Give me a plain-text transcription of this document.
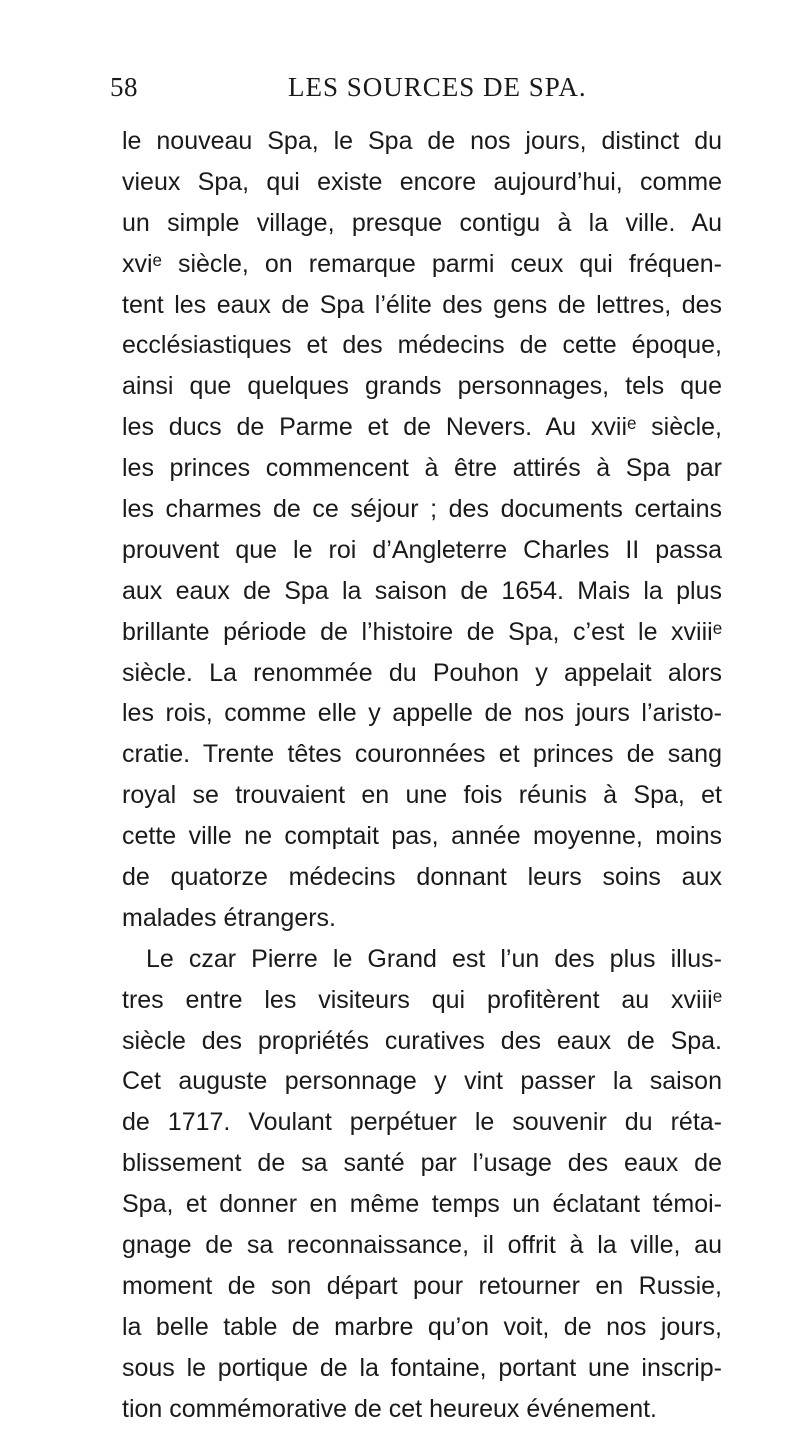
58	LES SOURCES DE SPA.
le nouveau Spa, le Spa de nos jours, distinct du
vieux Spa, qui existe encore aujourd’hui, comme
un simple village, presque contigu à la ville. Au
xviᵉ siècle, on remarque parmi ceux qui fréquen-
tent les eaux de Spa l’élite des gens de lettres, des
ecclésiastiques et des médecins de cette époque,
ainsi que quelques grands personnages, tels que
les ducs de Parme et de Nevers. Au xviiᵉ siècle,
les princes commencent à être attirés à Spa par
les charmes de ce séjour ; des documents certains
prouvent que le roi d’Angleterre Charles II passa
aux eaux de Spa la saison de 1654. Mais la plus
brillante période de l’histoire de Spa, c’est le xviiiᵉ
siècle. La renommée du Pouhon y appelait alors
les rois, comme elle y appelle de nos jours l’aristo-
cratie. Trente têtes couronnées et princes de sang
royal se trouvaient en une fois réunis à Spa, et
cette ville ne comptait pas, année moyenne, moins
de quatorze médecins donnant leurs soins aux
malades étrangers.
Le czar Pierre le Grand est l’un des plus illus-
tres entre les visiteurs qui profitèrent au xviiiᵉ
siècle des propriétés curatives des eaux de Spa.
Cet auguste personnage y vint passer la saison
de 1717. Voulant perpétuer le souvenir du réta-
blissement de sa santé par l’usage des eaux de
Spa, et donner en même temps un éclatant témoi-
gnage de sa reconnaissance, il offrit à la ville, au
moment de son départ pour retourner en Russie,
la belle table de marbre qu’on voit, de nos jours,
sous le portique de la fontaine, portant une inscrip-
tion commémorative de cet heureux événement.
